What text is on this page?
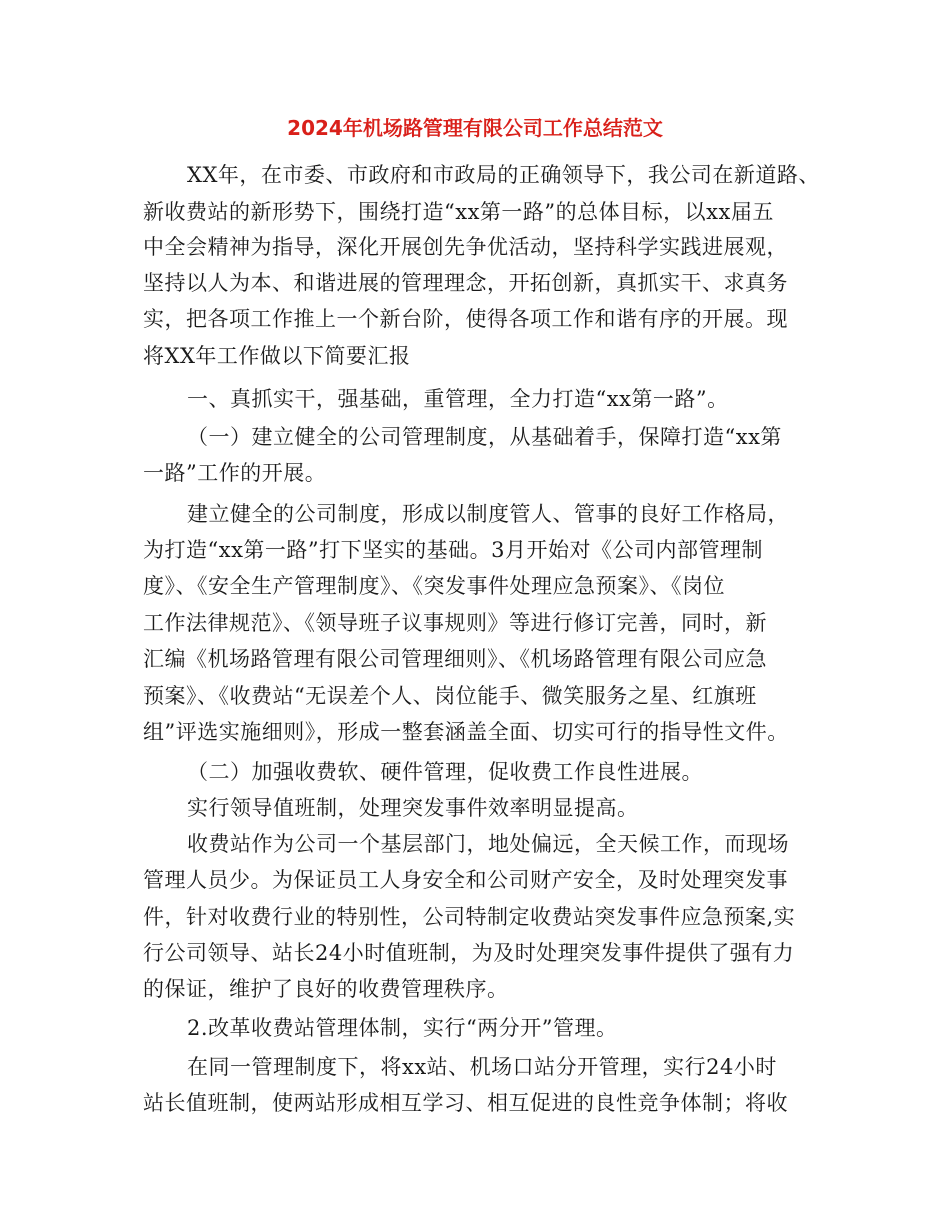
2024年机场路管理有限公司工作总结范文
XX年，在市委、市政府和市政局的正确领导下，我公司在新道路、
新收费站的新形势下，围绕打造“xx第一路”的总体目标，以xx届五
中全会精神为指导，深化开展创先争优活动，坚持科学实践进展观，
坚持以人为本、和谐进展的管理理念，开拓创新，真抓实干、求真务
实，把各项工作推上一个新台阶，使得各项工作和谐有序的开展。现
将XX年工作做以下简要汇报
一、真抓实干，强基础，重管理，全力打造“xx第一路”。
（一）建立健全的公司管理制度，从基础着手，保障打造“xx第
一路”工作的开展。
建立健全的公司制度，形成以制度管人、管事的良好工作格局，
为打造“xx第一路”打下坚实的基础。3月开始对《公司内部管理制
度》、《安全生产管理制度》、《突发事件处理应急预案》、《岗位
工作法律规范》、《领导班子议事规则》等进行修订完善，同时，新
汇编《机场路管理有限公司管理细则》、《机场路管理有限公司应急
预案》、《收费站“无误差个人、岗位能手、微笑服务之星、红旗班
组”评选实施细则》，形成一整套涵盖全面、切实可行的指导性文件。
（二）加强收费软、硬件管理，促收费工作良性进展。
实行领导值班制，处理突发事件效率明显提高。
收费站作为公司一个基层部门，地处偏远，全天候工作，而现场
管理人员少。为保证员工人身安全和公司财产安全，及时处理突发事
件，针对收费行业的特别性，公司特制定收费站突发事件应急预案,实
行公司领导、站长24小时值班制，为及时处理突发事件提供了强有力
的保证，维护了良好的收费管理秩序。
2.改革收费站管理体制，实行“两分开”管理。
在同一管理制度下，将xx站、机场口站分开管理，实行24小时
站长值班制，使两站形成相互学习、相互促进的良性竞争体制；将收
